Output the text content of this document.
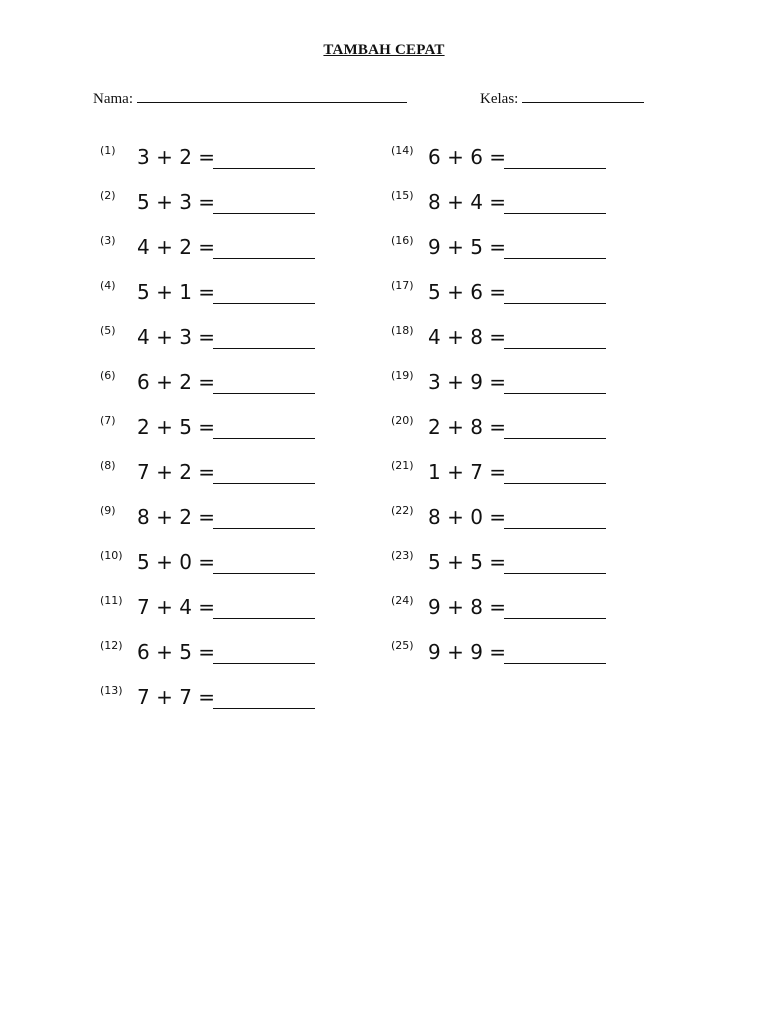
TAMBAH CEPAT
Nama:	Kelas:
(1) 3 + 2 =
(2) 5 + 3 =
(3) 4 + 2 =
(4) 5 + 1 =
(5) 4 + 3 =
(6) 6 + 2 =
(7) 2 + 5 =
(8) 7 + 2 =
(9) 8 + 2 =
(10) 5 + 0 =
(11) 7 + 4 =
(12) 6 + 5 =
(13) 7 + 7 =
(14) 6 + 6 =
(15) 8 + 4 =
(16) 9 + 5 =
(17) 5 + 6 =
(18) 4 + 8 =
(19) 3 + 9 =
(20) 2 + 8 =
(21) 1 + 7 =
(22) 8 + 0 =
(23) 5 + 5 =
(24) 9 + 8 =
(25) 9 + 9 =
